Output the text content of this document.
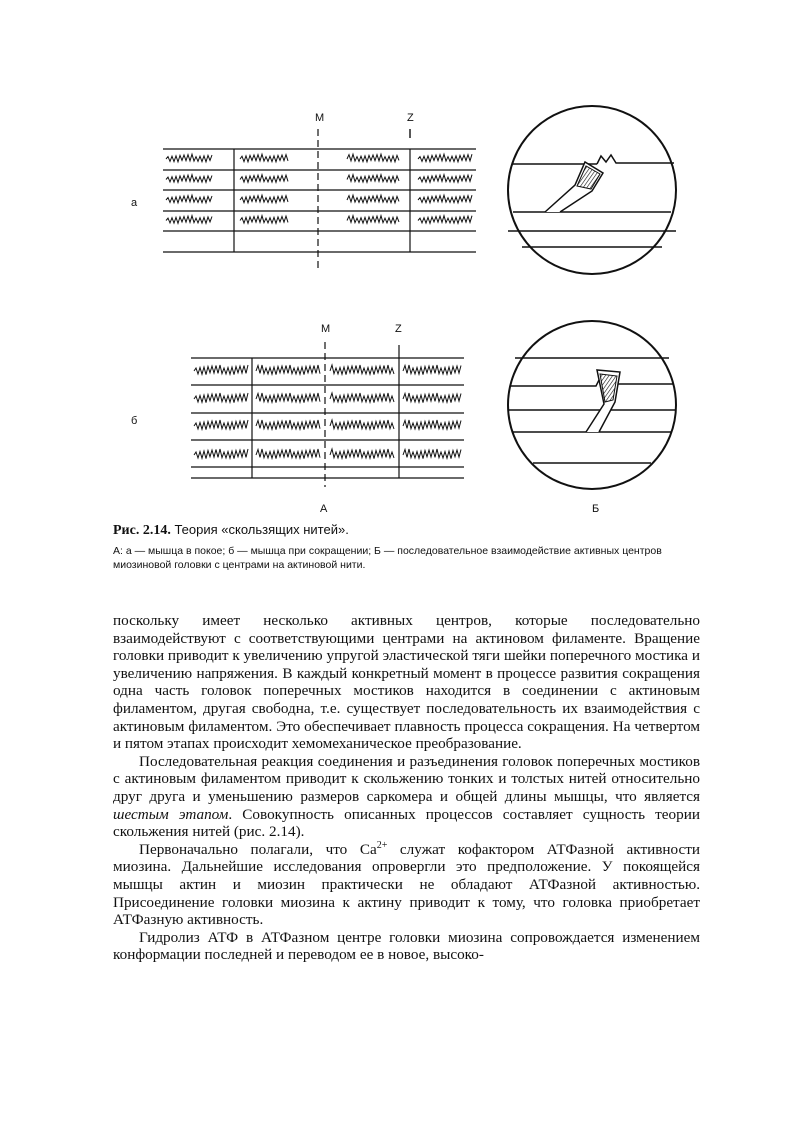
а
б
M	Z
M	Z
А	Б
Рис. 2.14. Теория «скользящих нитей».

А: а — мышца в покое; б — мышца при сокращении; Б — последовательное взаимодействие активных центров миозиновой головки с центрами на актиновой нити.

поскольку имеет несколько активных центров, которые последовательно взаимодействуют с соответствующими центрами на актиновом филаменте. Вращение головки приводит к увеличению упругой эластической тяги шейки поперечного мостика и увеличению напряжения. В каждый конкретный момент в процессе развития сокращения одна часть головок поперечных мостиков находится в соединении с актиновым филаментом, другая свободна, т.е. существует последовательность их взаимодействия с актиновым филаментом. Это обеспечивает плавность процесса сокращения. На четвертом и пятом этапах происходит хемомеханическое преобразование.

Последовательная реакция соединения и разъединения головок поперечных мостиков с актиновым филаментом приводит к скольжению тонких и толстых нитей относительно друг друга и уменьшению размеров саркомера и общей длины мышцы, что является шестым этапом. Совокупность описанных процессов составляет сущность теории скольжения нитей (рис. 2.14).

Первоначально полагали, что $Ca^{2+}$ служат кофактором АТФазной активности миозина. Дальнейшие исследования опровергли это предположение. У покоящейся мышцы актин и миозин практически не обладают АТФазной активностью. Присоединение головки миозина к актину приводит к тому, что головка приобретает АТФазную активность.

Гидролиз АТФ в АТФазном центре головки миозина сопровождается изменением конформации последней и переводом ее в новое, высоко-
